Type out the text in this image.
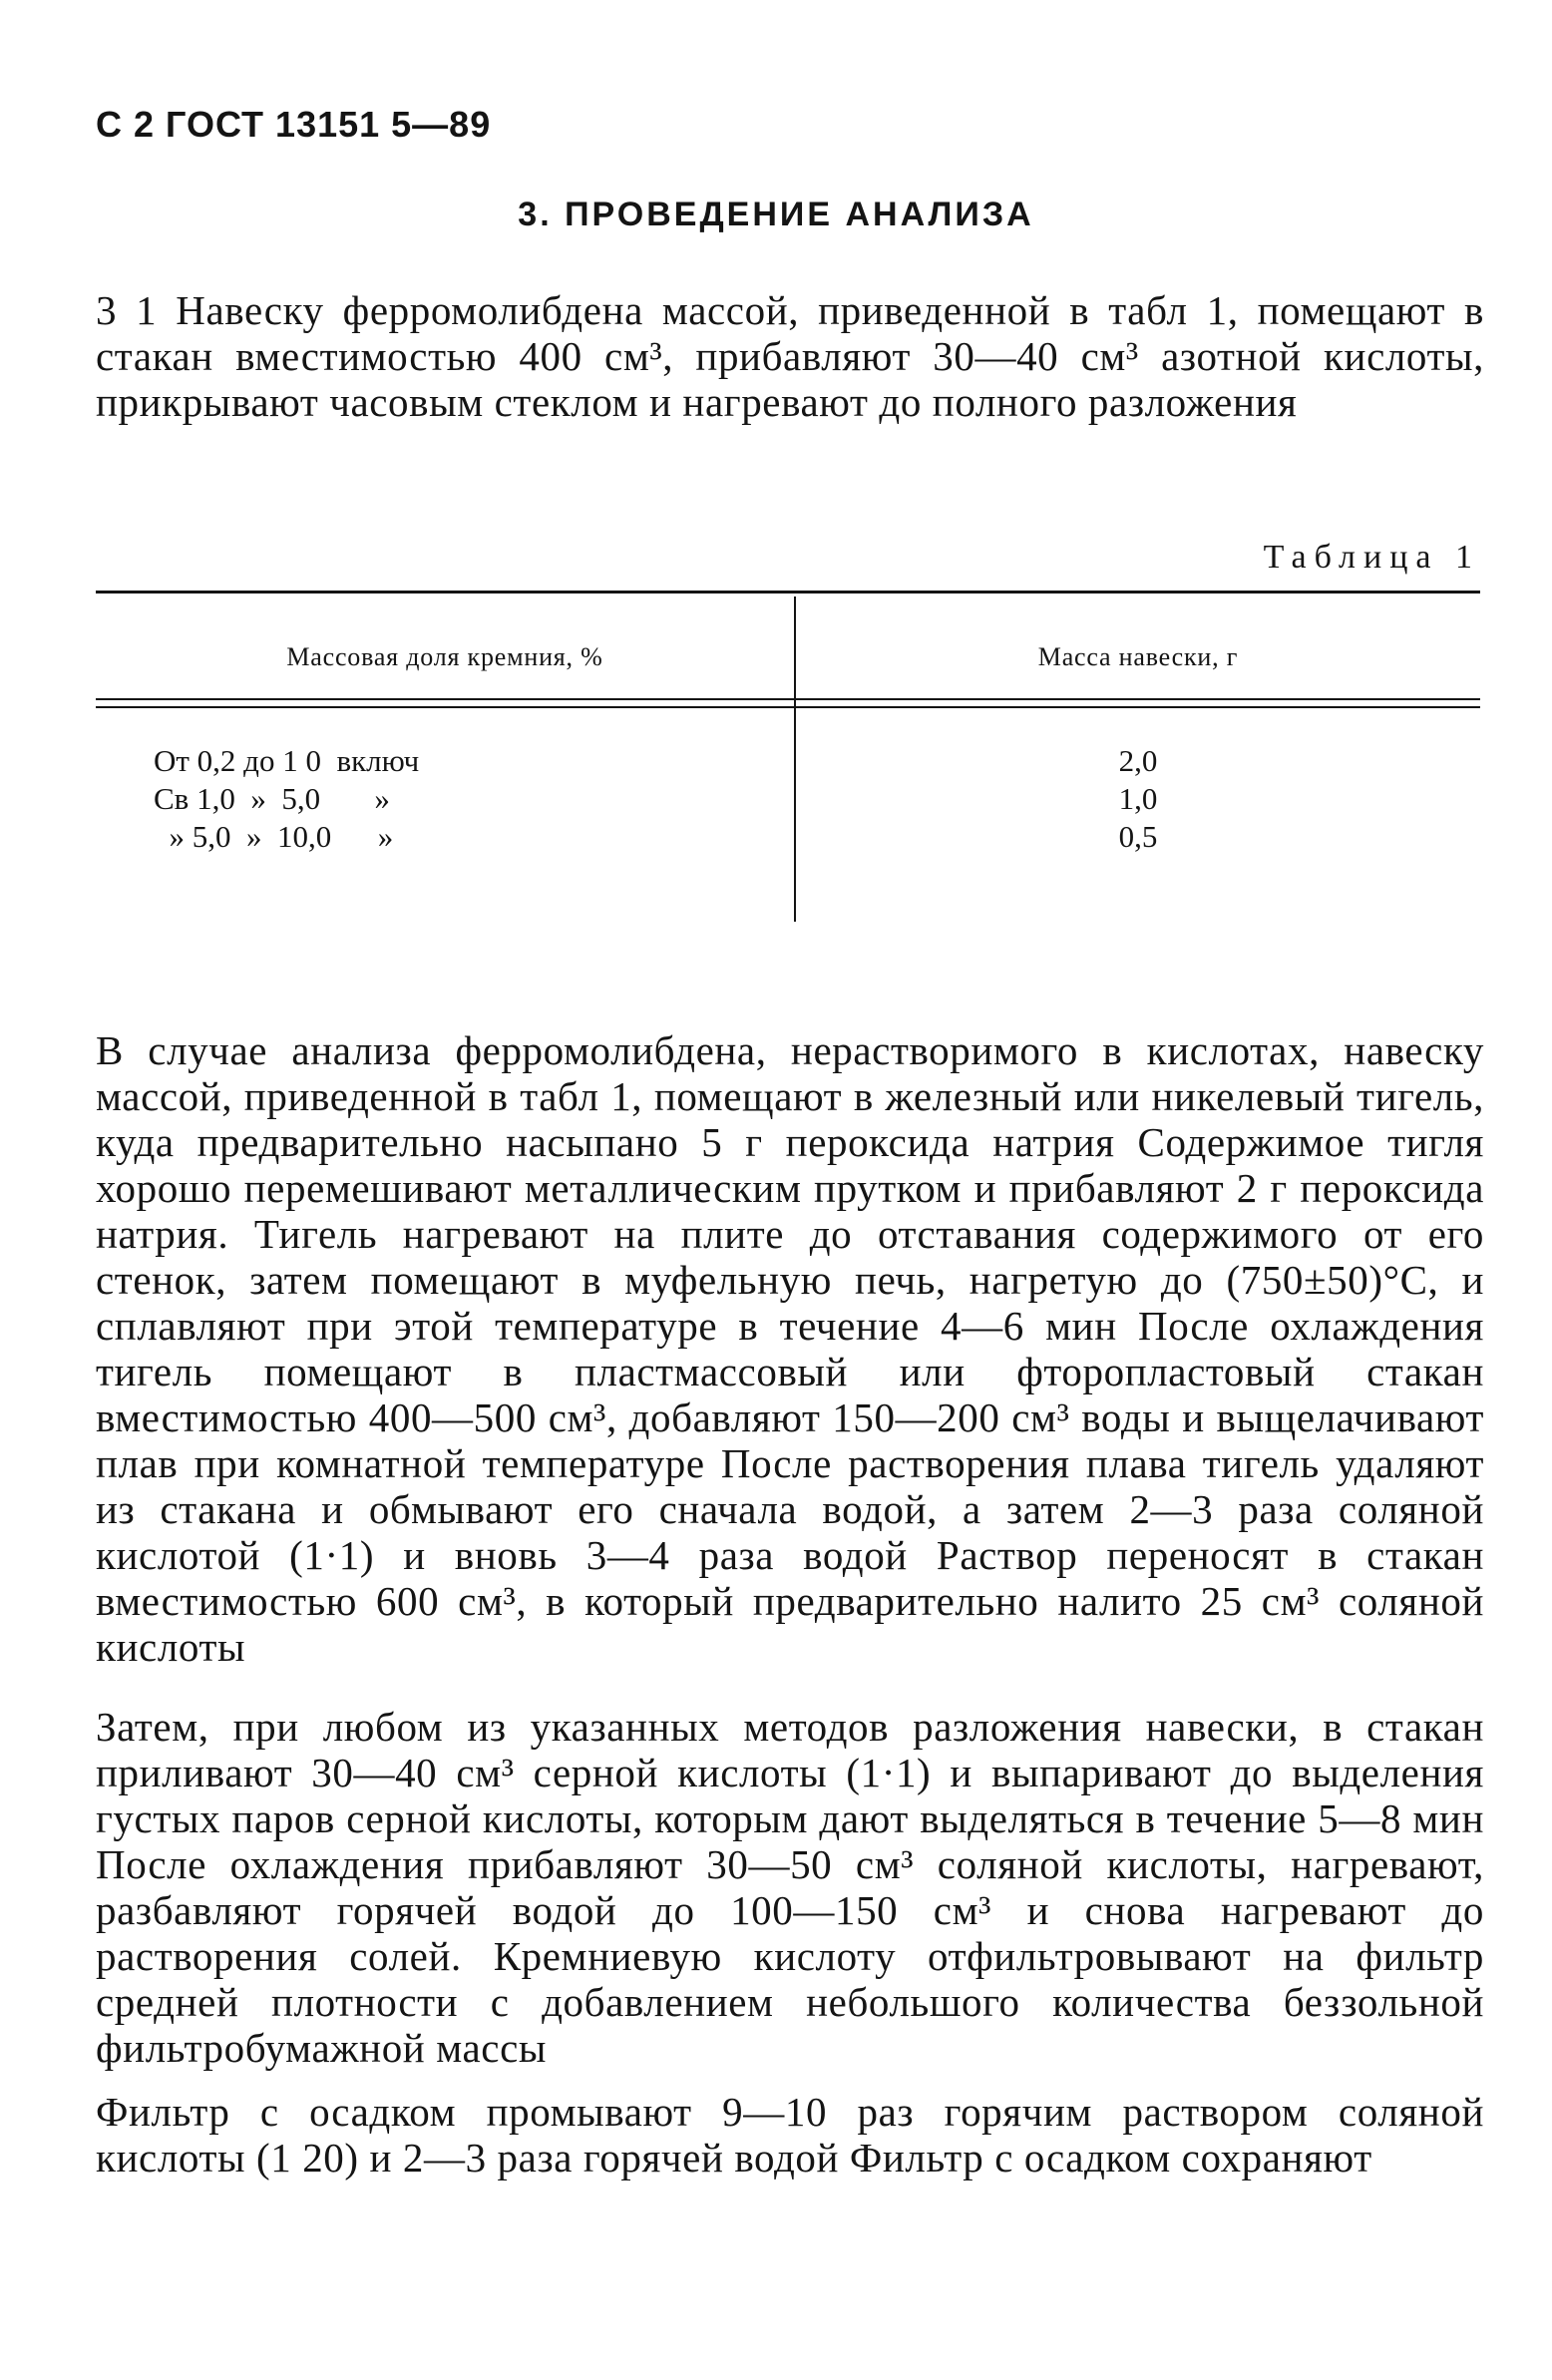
С 2 ГОСТ 13151 5—89
3. ПРОВЕДЕНИЕ АНАЛИЗА

3 1 Навеску ферромолибдена массой, приведенной в табл 1, помещают в стакан вместимостью 400 см³, прибавляют 30—40 см³ азотной кислоты, прикрывают часовым стеклом и нагревают до полного разложения

Таблица 1
Массовая доля кремния, %	Масса навески, г
От 0,2 до 1 0  включ	2,0
Св 1,0  »  5,0       »	1,0
» 5,0  »  10,0      »	0,5

В случае анализа ферромолибдена, нерастворимого в кислотах, навеску массой, приведенной в табл 1, помещают в железный или никелевый тигель, куда предварительно насыпано 5 г пероксида натрия Содержимое тигля хорошо перемешивают металлическим прутком и прибавляют 2 г пероксида натрия. Тигель нагревают на плите до отставания содержимого от его стенок, затем помещают в муфельную печь, нагретую до (750±50)°С, и сплавляют при этой температуре в течение 4—6 мин После охлаждения тигель помещают в пластмассовый или фторопластовый стакан вместимостью 400—500 см³, добавляют 150—200 см³ воды и выщелачивают плав при комнатной температуре После растворения плава тигель удаляют из стакана и обмывают его сначала водой, а затем 2—3 раза соляной кислотой (1·1) и вновь 3—4 раза водой Раствор переносят в стакан вместимостью 600 см³, в который предварительно налито 25 см³ соляной кислоты

Затем, при любом из указанных методов разложения навески, в стакан приливают 30—40 см³ серной кислоты (1·1) и выпаривают до выделения густых паров серной кислоты, которым дают выделяться в течение 5—8 мин После охлаждения прибавляют 30—50 см³ соляной кислоты, нагревают, разбавляют горячей водой до 100—150 см³ и снова нагревают до растворения солей. Кремниевую кислоту отфильтровывают на фильтр средней плотности с добавлением небольшого количества беззольной фильтробумажной массы

Фильтр с осадком промывают 9—10 раз горячим раствором соляной кислоты (1 20) и 2—3 раза горячей водой Фильтр с осадком сохраняют
